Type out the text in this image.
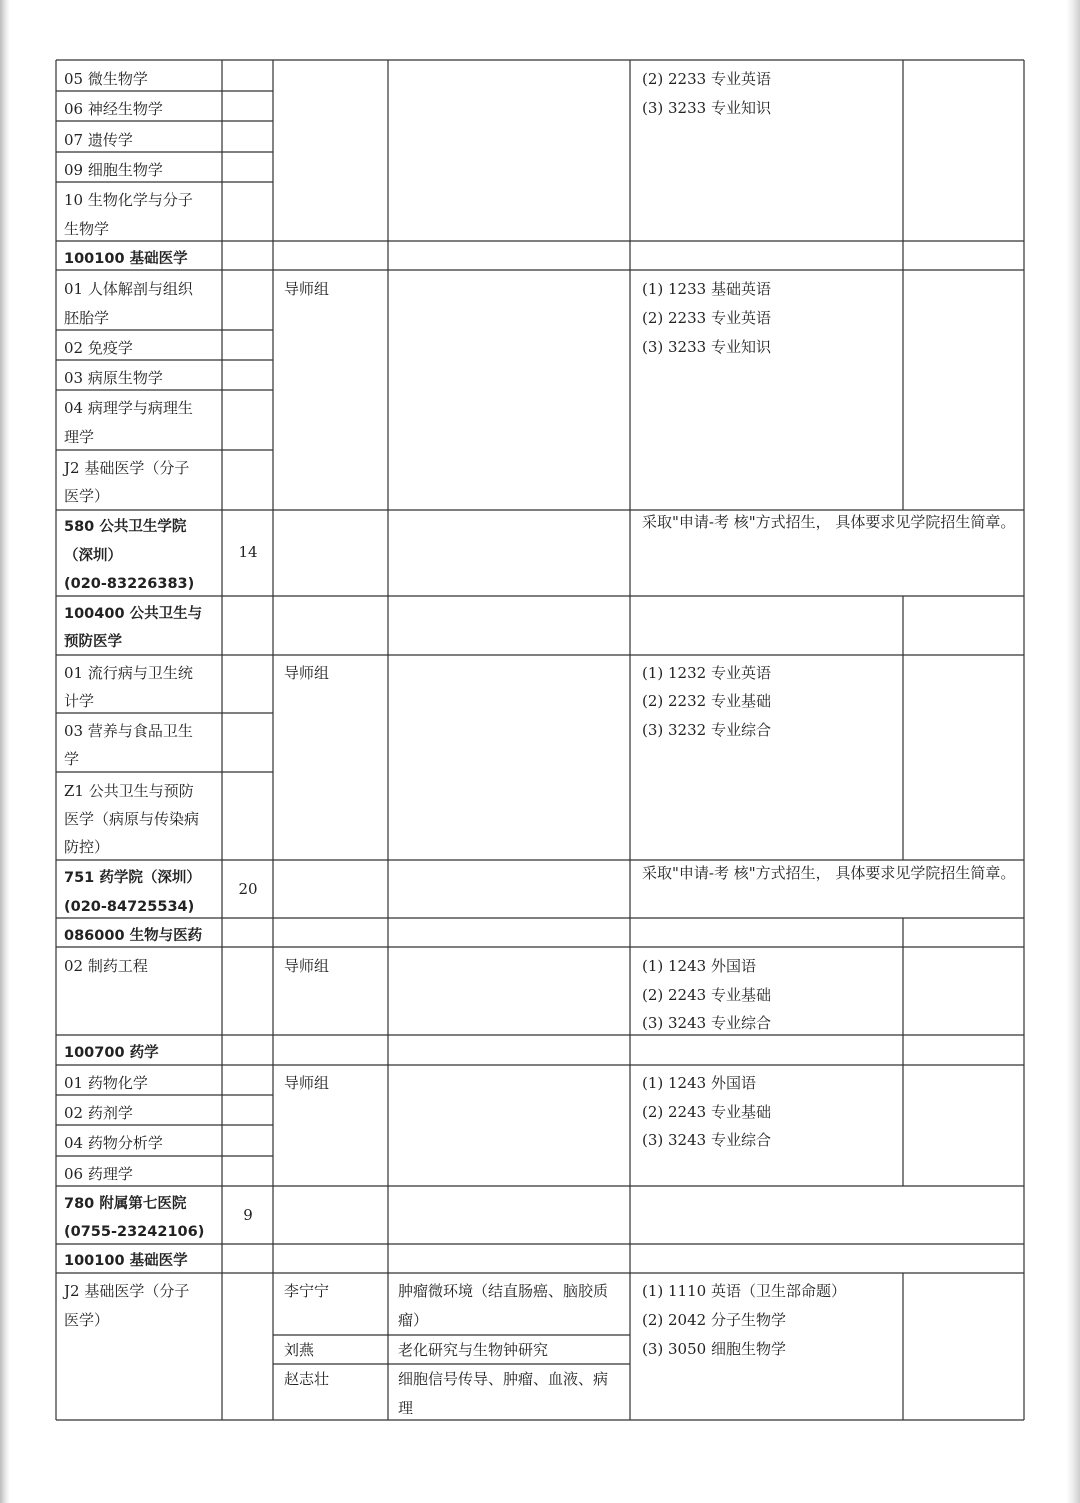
05 微生物学
06 神经生物学
07 遗传学
09 细胞生物学
10 生物化学与分子
生物学
100100 基础医学
01 人体解剖与组织
胚胎学
02 免疫学
03 病原生物学
04 病理学与病理生
理学
J2 基础医学（分子
医学）
580 公共卫生学院
（深圳）
(020-83226383)
100400 公共卫生与
预防医学
01 流行病与卫生统
计学
03 营养与食品卫生
学
Z1 公共卫生与预防
医学（病原与传染病
防控）
751 药学院（深圳）
(020-84725534)
086000 生物与医药
02 制药工程
100700 药学
01 药物化学
02 药剂学
04 药物分析学
06 药理学
780 附属第七医院
(0755-23242106)
100100 基础医学
J2 基础医学（分子
医学）
14
20
9
导师组
导师组
导师组
导师组
李宁宁
刘燕
赵志壮
肿瘤微环境（结直肠癌、脑胶质
瘤）
老化研究与生物钟研究
细胞信号传导、肿瘤、血液、病
理
(2) 2233 专业英语
(3) 3233 专业知识
(1) 1233 基础英语
(2) 2233 专业英语
(3) 3233 专业知识
采取"申请-考 核"方式招生， 具体要求见学院招生简章。
(1) 1232 专业英语
(2) 2232 专业基础
(3) 3232 专业综合
采取"申请-考 核"方式招生， 具体要求见学院招生简章。
(1) 1243 外国语
(2) 2243 专业基础
(3) 3243 专业综合
(1) 1243 外国语
(2) 2243 专业基础
(3) 3243 专业综合
(1) 1110 英语（卫生部命题）
(2) 2042 分子生物学
(3) 3050 细胞生物学
